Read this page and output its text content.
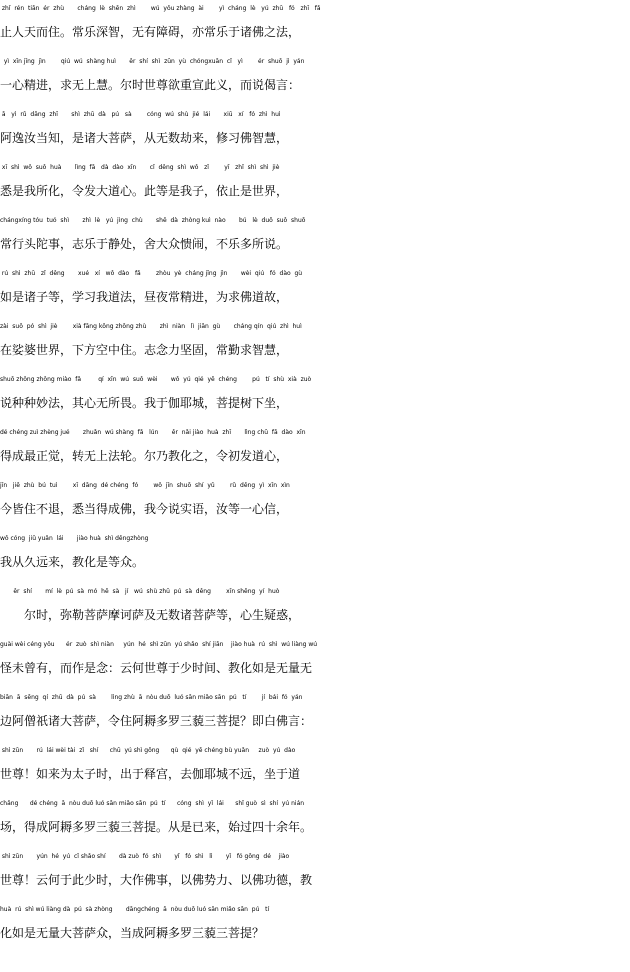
zhǐ  rén  tiān  ér  zhù       cháng  lè  shēn  zhì        wú  yǒu zhàng  ài        yì  cháng  lè   yú  zhū   fó   zhī   fǎ
止人天而住。常乐深智，无有障碍，亦常乐于诸佛之法，
yì  xīn jīng  jìn        qiú  wú  shàng huì       ěr  shí  shì  zūn  yù  chóngxuān  cǐ   yì        ér  shuō  jì  yán
一心精进，求无上慧。尔时世尊欲重宣此义，而说偈言：
ā   yì  rǔ  dāng  zhī       shì  zhū  dà   pú   sà        cóng  wú  shù  jié  lái       xiū   xí   fó  zhì  huì
阿逸汝当知，是诸大菩萨，从无数劫来，修习佛智慧，
xī  shì  wǒ  suǒ  huà       lìng  fā   dà  dào  xīn       cǐ  děng  shì  wǒ   zǐ        yī   zhǐ  shì  shì  jiè
悉是我所化，令发大道心。此等是我子，依止是世界，
chángxíng tóu  tuó  shì       zhì  lè   yú  jìng  chù       shě  dà  zhòng kuì  nào       bú   lè  duō  suǒ  shuō
常行头陀事，志乐于静处，舍大众愦闹，不乐多所说。
rú  shì  zhū   zǐ  děng       xué   xí   wǒ  dào   fǎ        zhòu  yè  cháng jīng  jìn       wèi  qiú   fó  dào  gù
如是诸子等，学习我道法，昼夜常精进，为求佛道故，
zài  suō  pó  shì  jiè        xià fāng kōng zhōng zhù       zhì  niàn   lì  jiān  gù       cháng qín  qiú  zhì  huì
在娑婆世界，下方空中住。志念力坚固，常勤求智慧，
shuō zhǒng zhǒng miào  fǎ         qí  xīn  wú  suǒ  wèi       wǒ  yú  qié  yē  chéng        pú   tí  shù  xià  zuò
说种种妙法，其心无所畏。我于伽耶城，菩提树下坐，
dé chéng zuì zhèng jué       zhuǎn  wú shàng  fǎ   lún       ěr  nǎi jiào  huà  zhī       lìng chū  fā  dào  xīn
得成最正觉，转无上法轮。尔乃教化之，令初发道心，
jīn   jiē  zhù  bú  tuì        xī  dāng  dé chéng  fó        wǒ  jīn  shuō  shí  yǔ        rǔ  děng  yì  xīn  xìn
今皆住不退，悉当得成佛，我今说实语，汝等一心信，
wǒ cóng  jiǔ yuǎn  lái       jiào huà  shì děngzhòng
我从久远来，教化是等众。
ěr  shí       mí  lè  pú  sà  mó  hē  sà   jí   wú  shù zhū  pú  sà  děng        xīn shēng  yí  huò
　　尔时，弥勒菩萨摩诃萨及无数诸菩萨等，心生疑惑，
guài wèi céng yǒu      ér  zuò  shì niàn     yún  hé  shì zūn  yú shǎo  shí jiān    jiào huà  rú  shì  wú liàng wú
怪未曾有，而作是念：云何世尊于少时间、教化如是无量无
biān  ā  sēng  qí  zhū  dà  pú  sà        lìng zhù  ā  nòu duō  luó sān miǎo sān  pú   tí        jí  bái  fó  yán
边阿僧祇诸大菩萨，令住阿耨多罗三藐三菩提？即白佛言：
shì zūn       rú  lái wèi tài  zǐ   shí      chū  yú shì gōng      qù  qié  yē chéng bù yuǎn     zuò  yú  dào
世尊！如来为太子时，出于释宫，去伽耶城不远，坐于道
chǎng      dé chéng  ā  nòu duō luó sān miǎo sān  pú  tí      cóng  shì  yǐ  lái      shǐ guò  sì  shí  yú nián
场，得成阿耨多罗三藐三菩提。从是已来，始过四十余年。
shì zūn       yún  hé  yú  cǐ shǎo shí       dà zuò  fó  shì       yǐ   fó  shì   lì       yǐ   fó gōng  dé    jiào
世尊！云何于此少时，大作佛事，以佛势力、以佛功德，教
huà  rú  shì wú liàng dà  pú  sà zhòng       dāngchéng  ā  nòu duō luó sān miǎo sān  pú   tí
化如是无量大菩萨众，当成阿耨多罗三藐三菩提？
